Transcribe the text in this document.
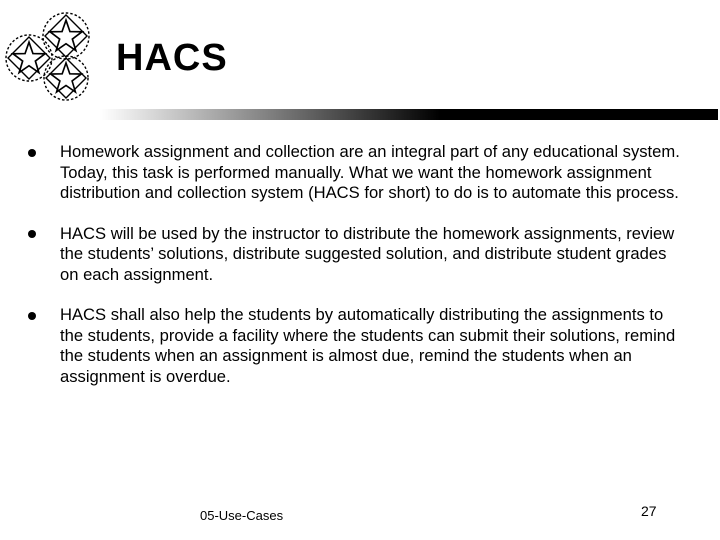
HACS
Homework assignment and collection are an integral part of any educational system. Today, this task is performed manually. What we want the homework assignment distribution and collection system (HACS for short) to do is to automate this process.
HACS will be used by the instructor to distribute the homework assignments, review the students’ solutions, distribute suggested solution, and distribute student grades on each assignment.
HACS shall also help the students by automatically distributing the assignments to the students, provide a facility where the students can submit their solutions, remind the students when an assignment is almost due, remind the students when an assignment is overdue.
05-Use-Cases	27
